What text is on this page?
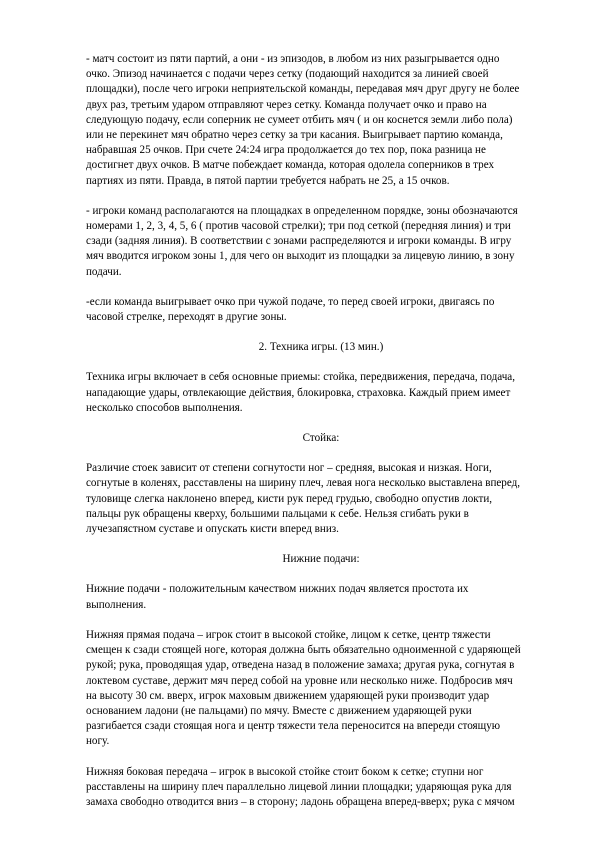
- матч состоит из пяти партий, а они - из эпизодов, в любом из них разыгрывается одно

очко. Эпизод начинается с подачи через сетку (подающий находится за линией своей

площадки), после чего игроки неприятельской команды, передавая мяч друг другу не более

двух раз, третьим ударом отправляют через сетку. Команда получает очко и право на

следующую подачу, если соперник не сумеет отбить мяч ( и он коснется земли либо пола)

или не перекинет мяч обратно через сетку за три касания. Выигрывает партию команда,

набравшая 25 очков. При счете 24:24 игра продолжается до тех пор, пока разница не

достигнет двух очков. В матче побеждает команда, которая одолела соперников в трех

партиях из пяти. Правда, в пятой партии требуется набрать не 25, а 15 очков.

- игроки команд располагаются на площадках в определенном порядке, зоны обозначаются

номерами 1, 2, 3, 4, 5, 6 ( против часовой стрелки); три под сеткой (передняя линия) и три

сзади (задняя линия). В соответствии с зонами распределяются и игроки команды. В игру

мяч вводится игроком зоны 1, для чего он выходит из площадки за лицевую линию, в зону

подачи.

-если команда выигрывает очко при чужой подаче, то перед своей игроки, двигаясь по

часовой стрелке, переходят в другие зоны.

2. Техника игры. (13 мин.)

Техника игры включает в себя основные приемы: стойка, передвижения, передача, подача,

нападающие удары, отвлекающие действия, блокировка, страховка. Каждый прием имеет

несколько способов выполнения.

Стойка:

Различие стоек зависит от степени согнутости ног – средняя, высокая и низкая. Ноги,

согнутые в коленях, расставлены на ширину плеч, левая нога несколько выставлена вперед,

туловище слегка наклонено вперед, кисти рук перед грудью, свободно опустив локти,

пальцы рук обращены кверху, большими пальцами к себе. Нельзя сгибать руки в

лучезапястном суставе и опускать кисти вперед вниз.

Нижние подачи:

Нижние подачи - положительным качеством нижних подач является простота их

выполнения.

Нижняя прямая подача – игрок стоит в высокой стойке, лицом к сетке, центр тяжести

смещен к сзади стоящей ноге, которая должна быть обязательно одноименной с ударяющей

рукой; рука, проводящая удар, отведена назад в положение замаха; другая рука, согнутая в

локтевом суставе, держит мяч перед собой на уровне или несколько ниже. Подбросив мяч

на высоту 30 см. вверх, игрок маховым движением ударяющей руки производит удар

основанием ладони (не пальцами) по мячу. Вместе с движением ударяющей руки

разгибается сзади стоящая нога и центр тяжести тела переносится на впереди стоящую

ногу.

Нижняя боковая передача – игрок в высокой стойке стоит боком к сетке; ступни ног

расставлены на ширину плеч параллельно лицевой линии площадки; ударяющая рука для

замаха свободно отводится вниз – в сторону; ладонь обращена вперед-вверх; рука с мячом
